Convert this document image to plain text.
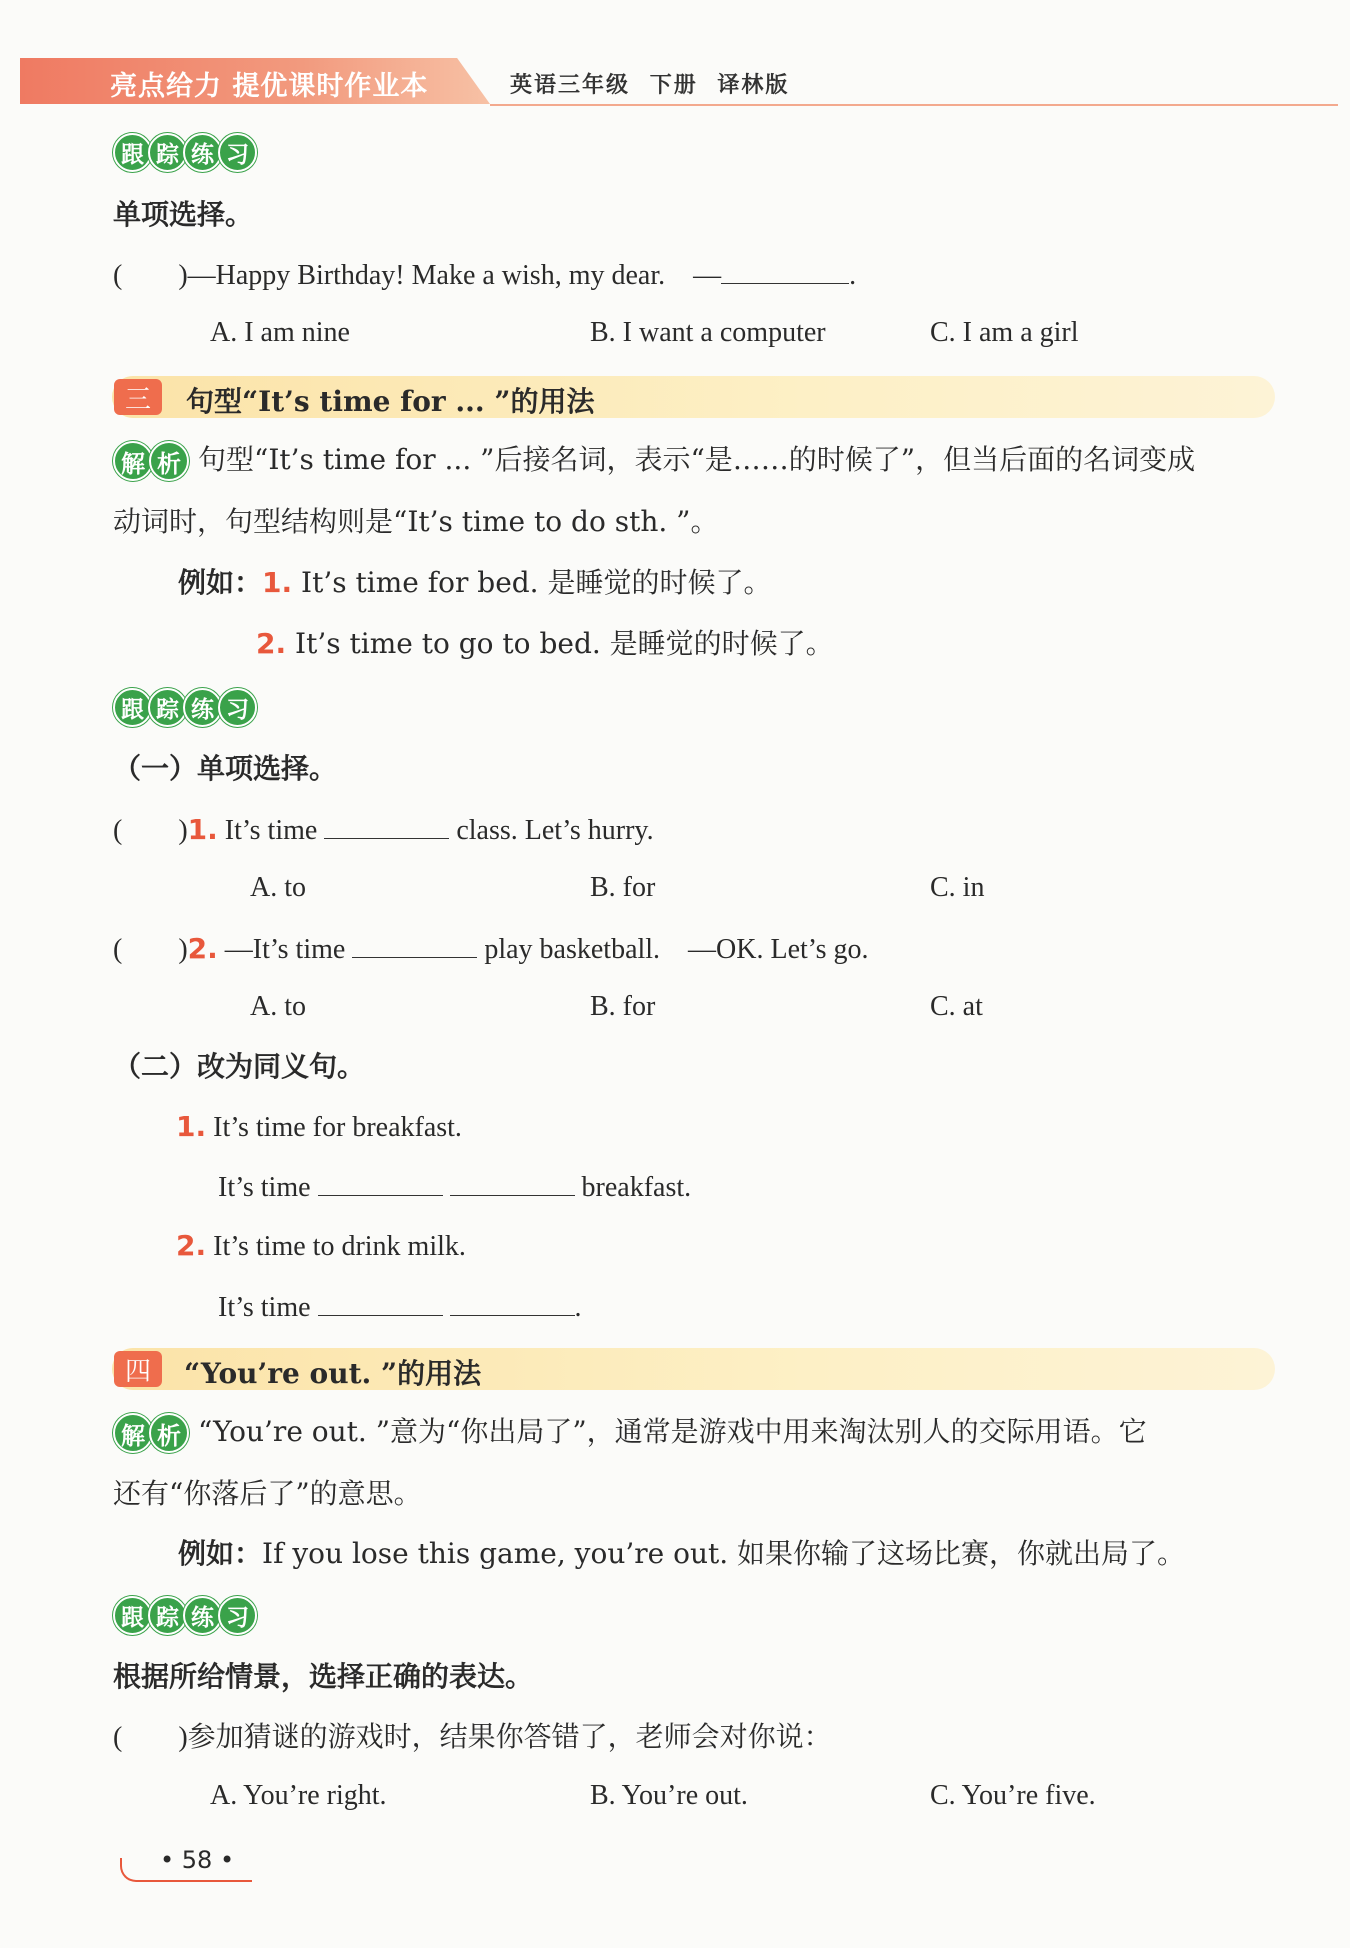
亮点给力 提优课时作业本	英语三年级 下册 译林版
跟 踪 练 习
单项选择。
(　　)—Happy Birthday! Make a wish, my dear.　—	.
A. I am nine	B. I want a computer	C. I am a girl
三	句型“It’s time for ... ”的用法
解 析 句型“It’s time for ... ”后接名词，表示“是……的时候了”，但当后面的名词变成
动词时，句型结构则是“It’s time to do sth. ”。
例如：1. It’s time for bed. 是睡觉的时候了。
2. It’s time to go to bed. 是睡觉的时候了。
跟 踪 练 习
（一）单项选择。
(　　)1. It’s time	class. Let’s hurry.
A. to	B. for	C. in
(　　)2. —It’s time	play basketball.　—OK. Let’s go.
A. to	B. for	C. at
（二）改为同义句。
1. It’s time for breakfast.
It’s time	breakfast.
2. It’s time to drink milk.
It’s time	.
四	“You’re out. ”的用法
解 析 “You’re out. ”意为“你出局了”，通常是游戏中用来淘汰别人的交际用语。它
还有“你落后了”的意思。
例如：If you lose this game, you’re out. 如果你输了这场比赛，你就出局了。
跟 踪 练 习
根据所给情景，选择正确的表达。
(　　)参加猜谜的游戏时，结果你答错了，老师会对你说：
A. You’re right.	B. You’re out.	C. You’re five.
• 58 •
